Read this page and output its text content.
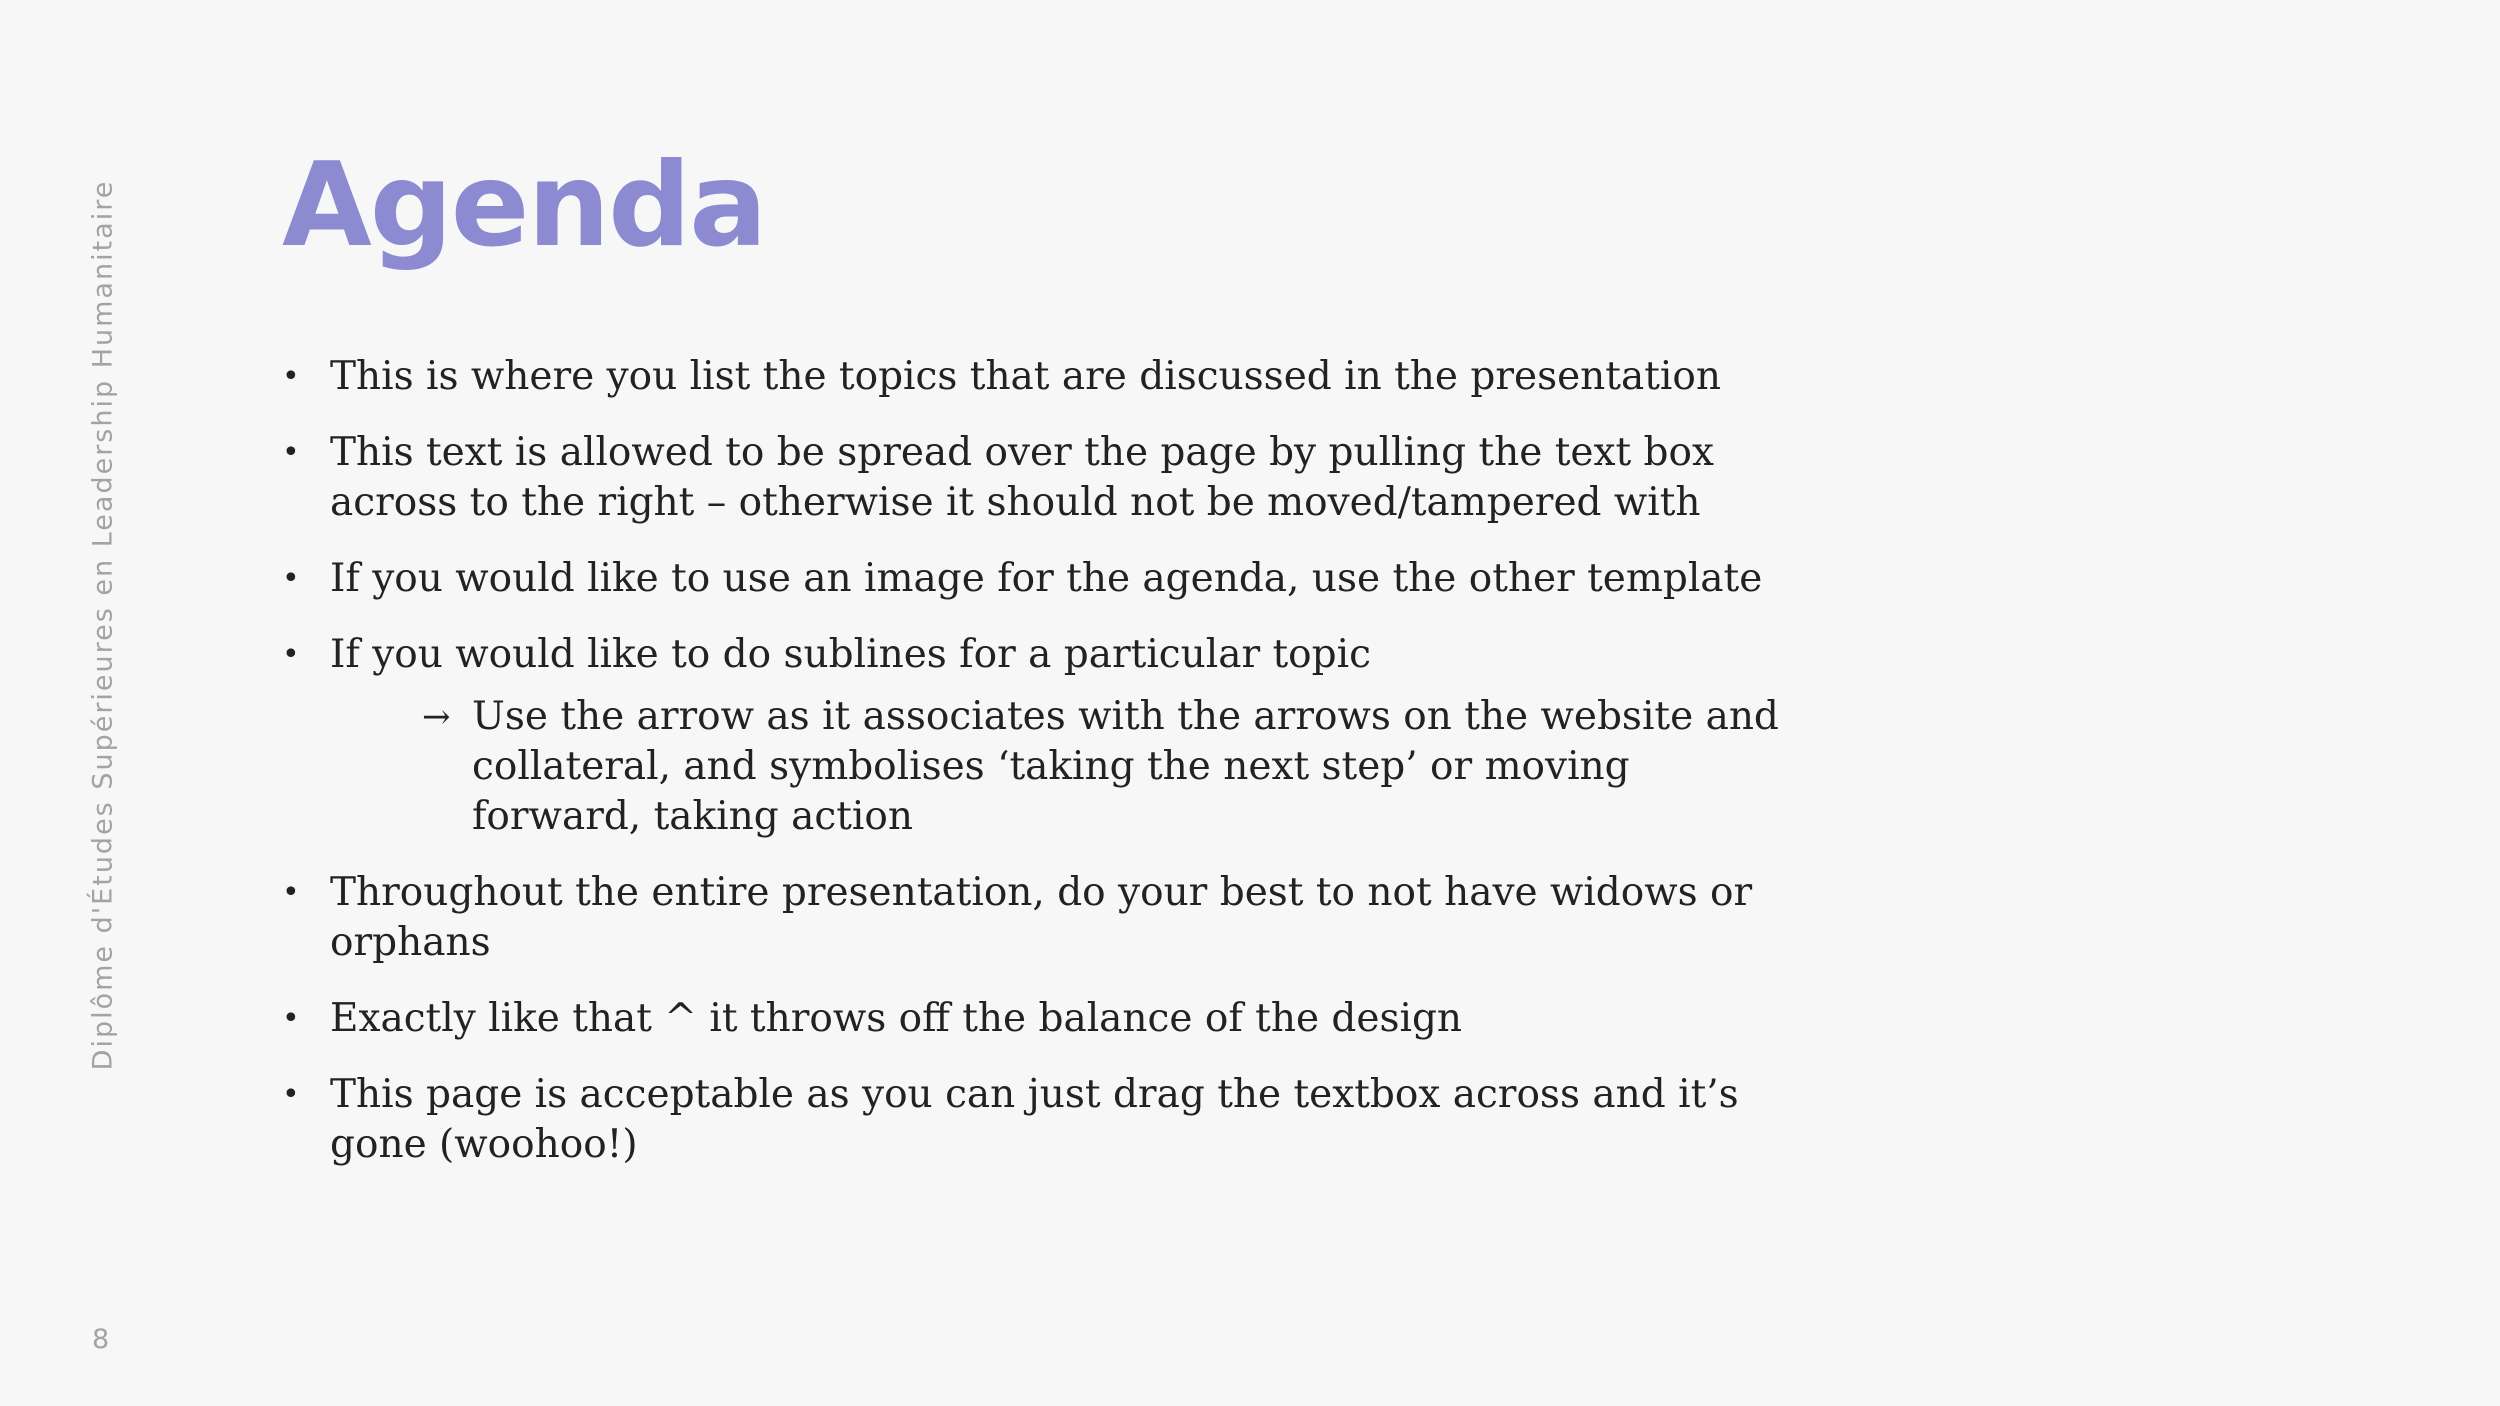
Diplôme d'Études Supérieures en Leadership Humanitaire Agenda
• This is where you list the topics that are discussed in the presentation
• This text is allowed to be spread over the page by pulling the text box across to the right – otherwise it should not be moved/tampered with
• If you would like to use an image for the agenda, use the other template
• If you would like to do sublines for a particular topic
→ Use the arrow as it associates with the arrows on the website and collateral, and symbolises ‘taking the next step’ or moving forward, taking action
• Throughout the entire presentation, do your best to not have widows or orphans
• Exactly like that ^ it throws off the balance of the design
• This page is acceptable as you can just drag the textbox across and it’s gone (woohoo!)
8
